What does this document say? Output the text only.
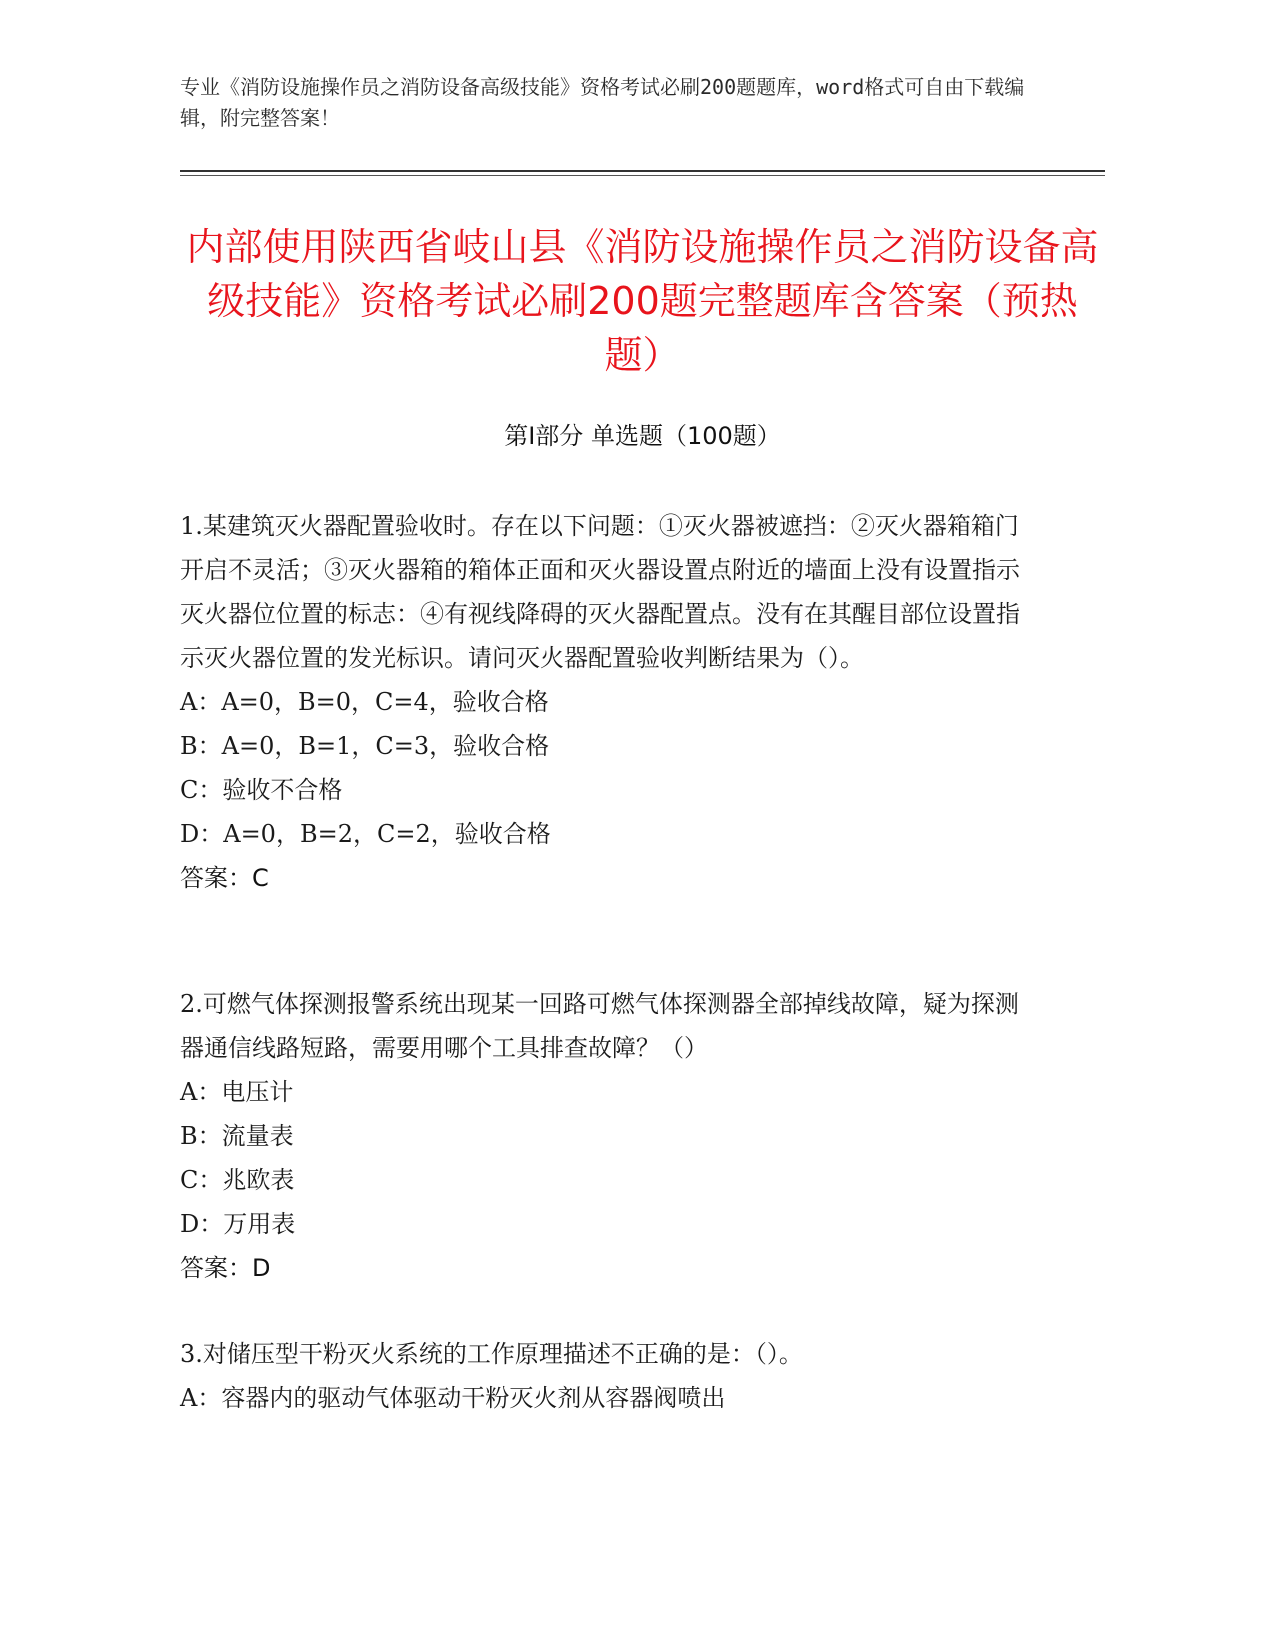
专业《消防设施操作员之消防设备高级技能》资格考试必刷200题题库，word格式可自由下载编辑，附完整答案！

内部使用陕西省岐山县《消防设施操作员之消防设备高级技能》资格考试必刷200题完整题库含答案（预热题）
第Ⅰ部分 单选题（100题）

1.某建筑灭火器配置验收时。存在以下问题：①灭火器被遮挡：②灭火器箱箱门开启不灵活；③灭火器箱的箱体正面和灭火器设置点附近的墙面上没有设置指示灭火器位位置的标志：④有视线降碍的灭火器配置点。没有在其醒目部位设置指示灭火器位置的发光标识。请问灭火器配置验收判断结果为（）。

A：A=0，B=0，C=4，验收合格
B：A=0，B=1，C=3，验收合格
C：验收不合格
D：A=0，B=2，C=2，验收合格

答案：C

2.可燃气体探测报警系统出现某一回路可燃气体探测器全部掉线故障，疑为探测器通信线路短路，需要用哪个工具排查故障？（）

A：电压计
B：流量表
C：兆欧表
D：万用表

答案：D

3.对储压型干粉灭火系统的工作原理描述不正确的是：（）。

A：容器内的驱动气体驱动干粉灭火剂从容器阀喷出
